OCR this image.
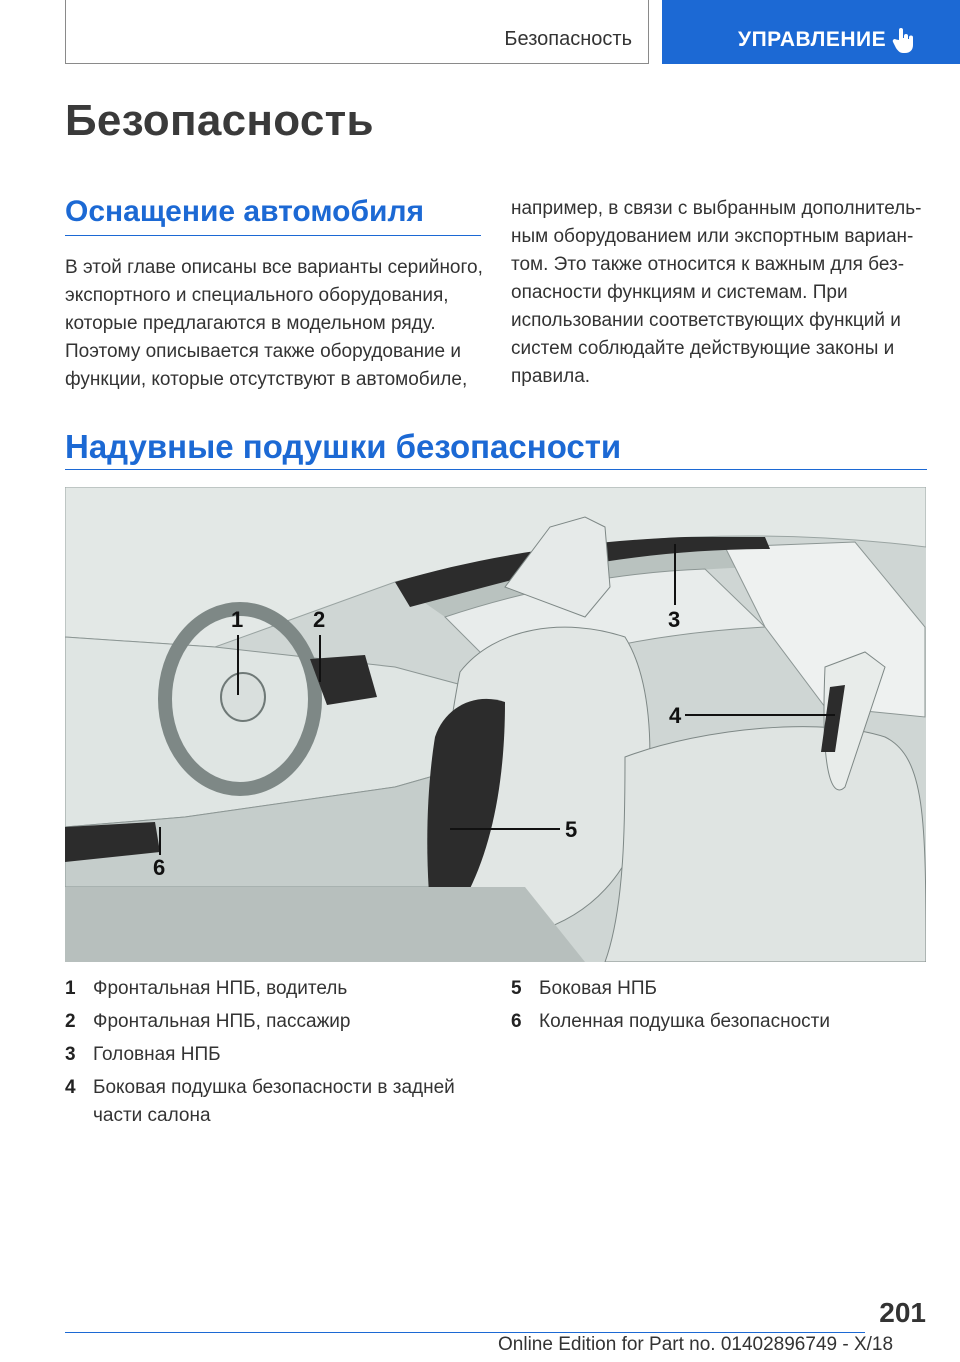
Безопасность	УПРАВЛЕНИЕ
Безопасность
Оснащение автомобиля

В этой главе описаны все варианты серийного, экспортного и специального оборудования, которые предлагаются в модельном ряду. Поэтому описывается также оборудование и функции, которые отсутствуют в автомобиле,

например, в связи с выбранным дополнительным оборудованием или экспортным вариантом. Это также относится к важным для безопасности функциям и системам. При использовании соответствующих функций и систем соблюдайте действующие законы и правила.

Надувные подушки безопасности
1	2	3
4
5
6
1 Фронтальная НПБ, водитель
2 Фронтальная НПБ, пассажир
3 Головная НПБ
4 Боковая подушка безопасности в задней части салона
5 Боковая НПБ
6 Коленная подушка безопасности
201
Online Edition for Part no. 01402896749 - X/18
